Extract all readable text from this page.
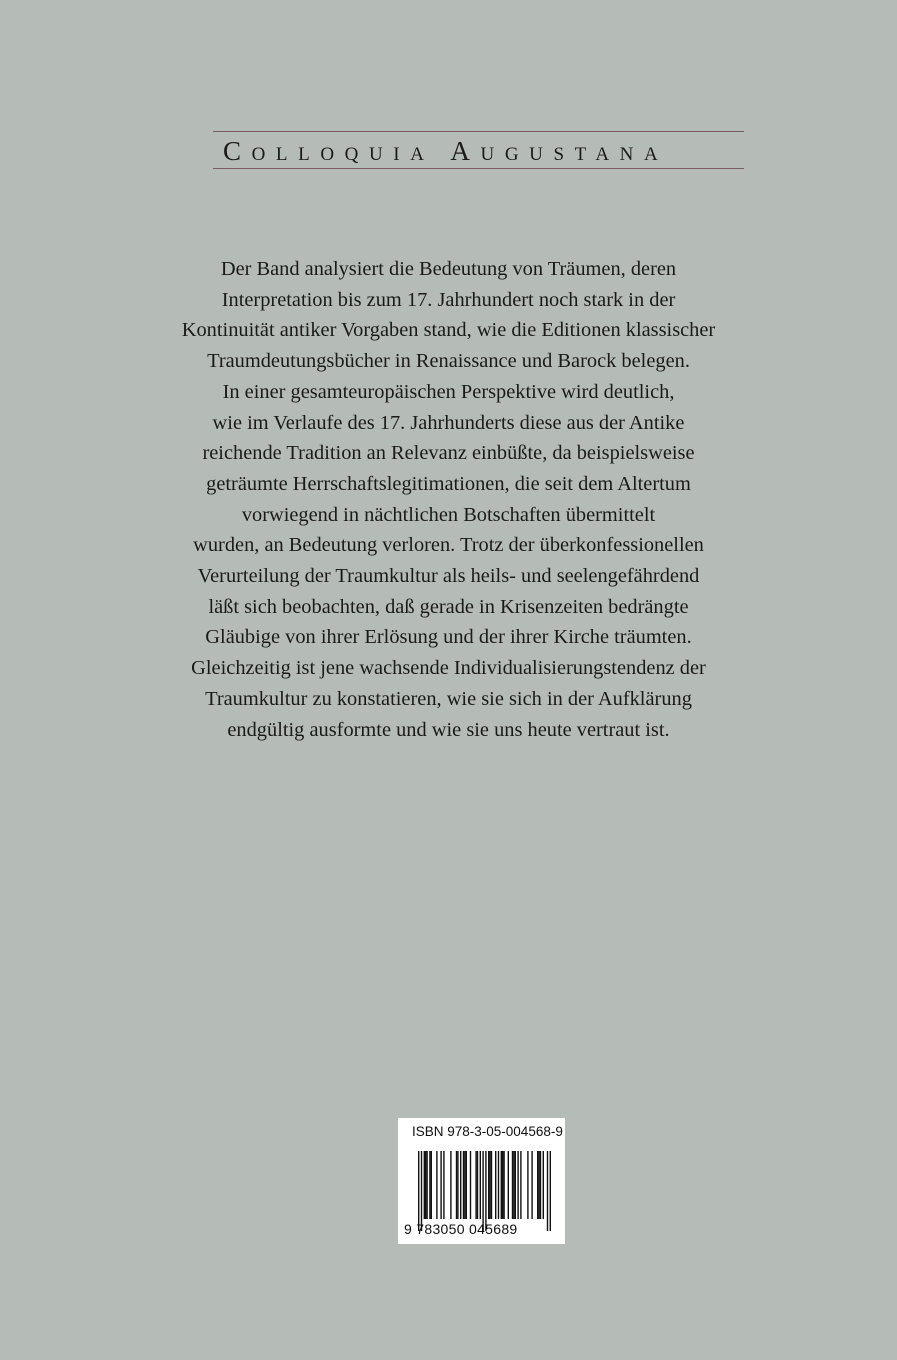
Colloquia Augustana
Der Band analysiert die Bedeutung von Träumen, deren
Interpretation bis zum 17. Jahrhundert noch stark in der
Kontinuität antiker Vorgaben stand, wie die Editionen klassischer
Traumdeutungsbücher in Renaissance und Barock belegen.
In einer gesamteuropäischen Perspektive wird deutlich,
wie im Verlaufe des 17. Jahrhunderts diese aus der Antike
reichende Tradition an Relevanz einbüßte, da beispielsweise
geträumte Herrschaftslegitimationen, die seit dem Altertum
vorwiegend in nächtlichen Botschaften übermittelt
wurden, an Bedeutung verloren. Trotz der überkonfessionellen
Verurteilung der Traumkultur als heils- und seelengefährdend
läßt sich beobachten, daß gerade in Krisenzeiten bedrängte
Gläubige von ihrer Erlösung und der ihrer Kirche träumten.
Gleichzeitig ist jene wachsende Individualisierungstendenz der
Traumkultur zu konstatieren, wie sie sich in der Aufklärung
endgültig ausformte und wie sie uns heute vertraut ist.
ISBN 978-3-05-004568-9
9 783050 045689
